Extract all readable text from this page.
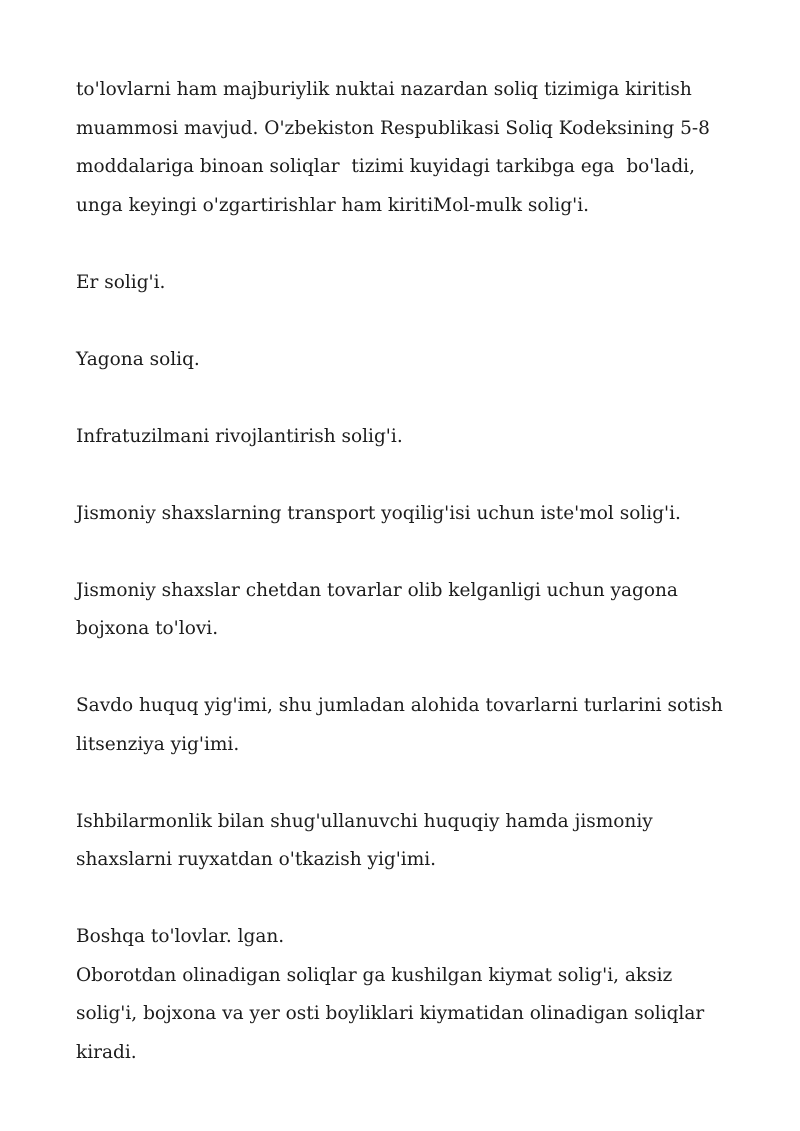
to'lovlarni ham majburiylik nuktai nazardan soliq tizimiga kiritish muammosi mavjud. O'zbekiston Respublikasi Soliq Kodeksining 5-8 moddalariga binoan soliqlar  tizimi kuyidagi tarkibga ega  bo'ladi, unga keyingi o'zgartirishlar ham kiritiMol-mulk solig'i.

Er solig'i.

Yagona soliq.

Infratuzilmani rivojlantirish solig'i.

Jismoniy shaxslarning transport yoqilig'isi uchun iste'mol solig'i.

Jismoniy shaxslar chetdan tovarlar olib kelganligi uchun yagona bojxona to'lovi.

Savdo huquq yig'imi, shu jumladan alohida tovarlarni turlarini sotish litsenziya yig'imi.

Ishbilarmonlik bilan shug'ullanuvchi huquqiy hamda jismoniy shaxslarni ruyxatdan o'tkazish yig'imi.

Boshqa to'lovlar. lgan.

Oborotdan olinadigan soliqlar ga kushilgan kiymat solig'i, aksiz solig'i, bojxona va yer osti boyliklari kiymatidan olinadigan soliqlar  kiradi.
